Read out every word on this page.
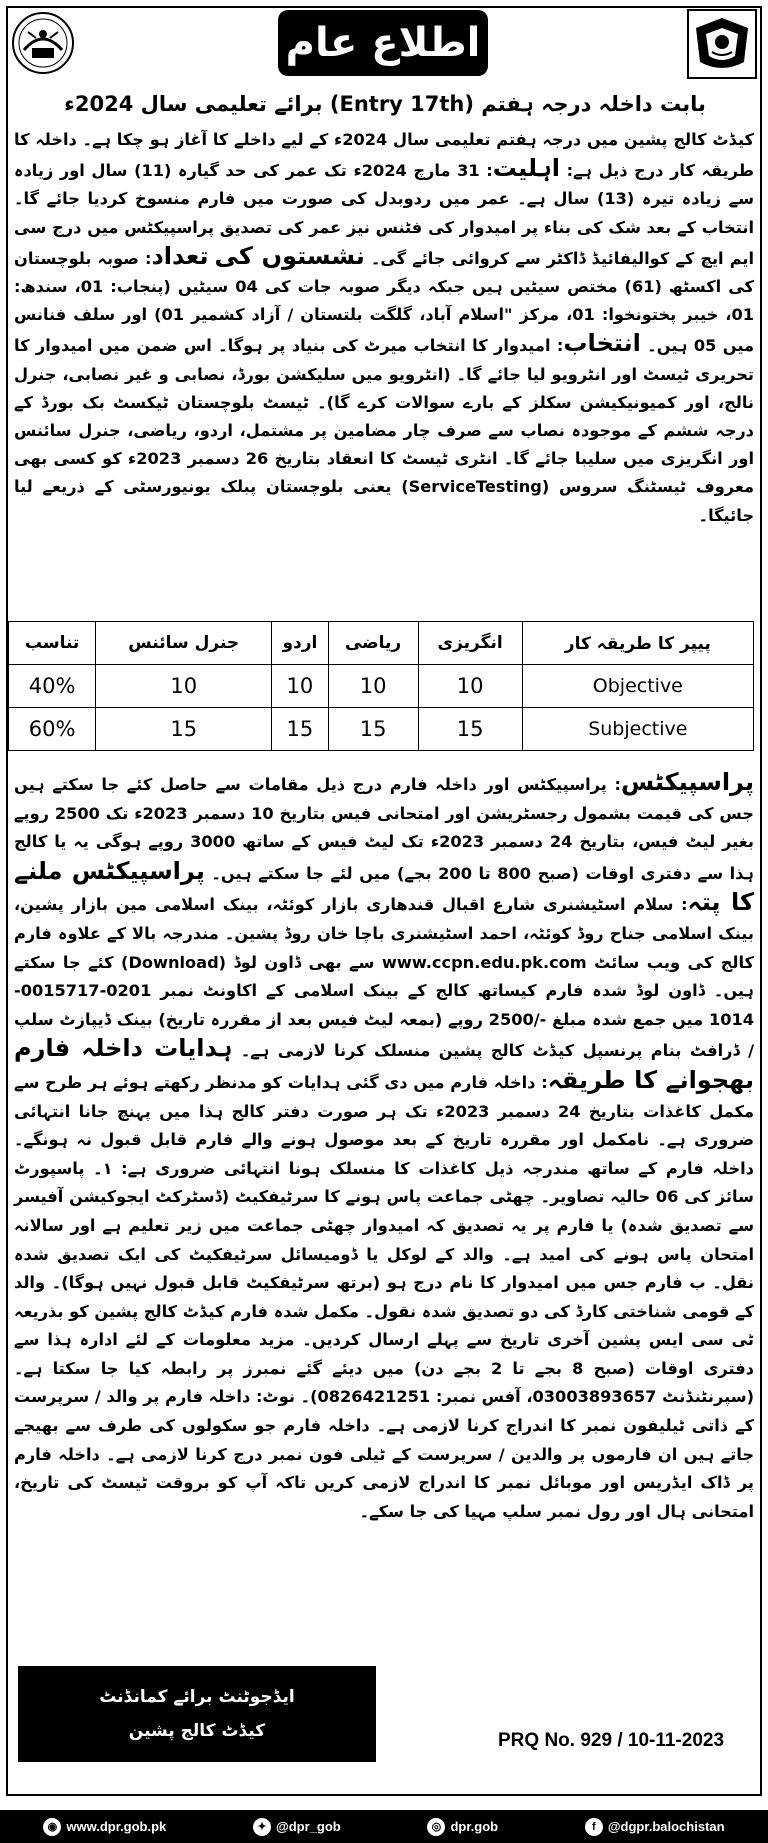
اطلاع عام
بابت داخلہ درجہ ہفتم (Entry 17th) برائے تعلیمی سال 2024ء

کیڈٹ کالج پشین میں درجہ ہفتم تعلیمی سال 2024ء کے لیے داخلے کا آغاز ہو چکا ہے۔ داخلہ کا طریقہ کار درج ذیل ہے: اہلیت: 31 مارچ 2024ء تک عمر کی حد گیارہ (11) سال اور زیادہ سے زیادہ تیرہ (13) سال ہے۔ عمر میں ردوبدل کی صورت میں فارم منسوخ کردیا جائے گا۔ انتخاب کے بعد شک کی بناء پر امیدوار کی فٹنس نیز عمر کی تصدیق پراسپیکٹس میں درج سی ایم ایچ کے کوالیفائیڈ ڈاکٹر سے کروائی جائے گی۔ نشستوں کی تعداد: صوبہ بلوچستان کی اکسٹھ (61) مختص سیٹیں ہیں جبکہ دیگر صوبہ جات کی 04 سیٹیں (پنجاب: 01، سندھ: 01، خیبر پختونخوا: 01، مرکز "اسلام آباد، گلگت بلتستان / آزاد کشمیر 01) اور سلف فنانس میں 05 ہیں۔ انتخاب: امیدوار کا انتخاب میرٹ کی بنیاد پر ہوگا۔ اس ضمن میں امیدوار کا تحریری ٹیسٹ اور انٹرویو لیا جائے گا۔ (انٹرویو میں سلیکشن بورڈ، نصابی و غیر نصابی، جنرل نالج، اور کمیونیکیشن سکلز کے بارے سوالات کرے گا)۔ ٹیسٹ بلوچستان ٹیکسٹ بک بورڈ کے درجہ ششم کے موجودہ نصاب سے صرف چار مضامین پر مشتمل، اردو، ریاضی، جنرل سائنس اور انگریزی میں سلیبا جائے گا۔ انٹری ٹیسٹ کا انعقاد بتاریخ 26 دسمبر 2023ء کو کسی بھی معروف ٹیسٹنگ سروس (ServiceTesting) یعنی بلوچستان پبلک یونیورسٹی کے ذریعے لیا جائیگا۔

پیپر کا طریقہ کار	انگریزی	ریاضی	اردو	جنرل سائنس	تناسب
Objective	10	10	10	10	40%
Subjective	15	15	15	15	60%

پراسپیکٹس: پراسپیکٹس اور داخلہ فارم درج ذیل مقامات سے حاصل کئے جا سکتے ہیں جس کی قیمت بشمول رجسٹریشن اور امتحانی فیس بتاریخ 10 دسمبر 2023ء تک 2500 روپے بغیر لیٹ فیس، بتاریخ 24 دسمبر 2023ء تک لیٹ فیس کے ساتھ 3000 روپے ہوگی یہ یا کالج ہذا سے دفتری اوقات (صبح 800 تا 200 بجے) میں لئے جا سکتے ہیں۔ پراسپیکٹس ملنے کا پتہ: سلام اسٹیشنری شارع اقبال قندھاری بازار کوئٹہ، بینک اسلامی مین بازار پشین، بینک اسلامی جناح روڈ کوئٹہ، احمد اسٹیشنری باچا خان روڈ پشین۔ مندرجہ بالا کے علاوہ فارم کالج کی ویب سائٹ www.ccpn.edu.pk.com سے بھی ڈاون لوڈ (Download) کئے جا سکتے ہیں۔ ڈاون لوڈ شدہ فارم کیساتھ کالج کے بینک اسلامی کے اکاونٹ نمبر 0201-0015717-1014 میں جمع شدہ مبلغ -/2500 روپے (بمعہ لیٹ فیس بعد از مقررہ تاریخ) بینک ڈیپازٹ سلپ / ڈرافٹ بنام پرنسپل کیڈٹ کالج پشین منسلک کرنا لازمی ہے۔ ہدایات داخلہ فارم بھجوانے کا طریقہ: داخلہ فارم میں دی گئی ہدایات کو مدنظر رکھتے ہوئے ہر طرح سے مکمل کاغذات بتاریخ 24 دسمبر 2023ء تک ہر صورت دفتر کالج ہذا میں پہنچ جانا انتہائی ضروری ہے۔ نامکمل اور مقررہ تاریخ کے بعد موصول ہونے والے فارم قابل قبول نہ ہونگے۔ داخلہ فارم کے ساتھ مندرجہ ذیل کاغذات کا منسلک ہونا انتہائی ضروری ہے: ۱۔ پاسپورٹ سائز کی 06 حالیہ تصاویر۔ چھٹی جماعت پاس ہونے کا سرٹیفکیٹ (ڈسٹرکٹ ایجوکیشن آفیسر سے تصدیق شدہ) یا فارم پر یہ تصدیق کہ امیدوار چھٹی جماعت میں زیر تعلیم ہے اور سالانہ امتحان پاس ہونے کی امید ہے۔ والد کے لوکل یا ڈومیسائل سرٹیفکیٹ کی ایک تصدیق شدہ نقل۔ ب فارم جس میں امیدوار کا نام درج ہو (برتھ سرٹیفکیٹ قابل قبول نہیں ہوگا)۔ والد کے قومی شناختی کارڈ کی دو تصدیق شدہ نقول۔ مکمل شدہ فارم کیڈٹ کالج پشین کو بذریعہ ٹی سی ایس پشین آخری تاریخ سے پہلے ارسال کردیں۔ مزید معلومات کے لئے ادارہ ہذا سے دفتری اوقات (صبح 8 بجے تا 2 بجے دن) میں دیئے گئے نمبرز پر رابطہ کیا جا سکتا ہے۔ (سپرنٹنڈنٹ 03003893657، آفس نمبر: 0826421251)۔ نوٹ: داخلہ فارم پر والد / سرپرست کے ذاتی ٹیلیفون نمبر کا اندراج کرنا لازمی ہے۔ داخلہ فارم جو سکولوں کی طرف سے بھیجے جاتے ہیں ان فارموں پر والدین / سرپرست کے ٹیلی فون نمبر درج کرنا لازمی ہے۔ داخلہ فارم پر ڈاک ایڈریس اور موبائل نمبر کا اندراج لازمی کریں تاکہ آپ کو بروقت ٹیسٹ کی تاریخ، امتحانی ہال اور رول نمبر سلپ مہیا کی جا سکے۔

ایڈجوٹنٹ برائے کمانڈنٹ
کیڈٹ کالج پشین	PRQ No. 929 / 10-11-2023
◉ www.dpr.gob.pk	✦ @dpr_gob	◎ dpr.gob	f @dgpr.balochistan
